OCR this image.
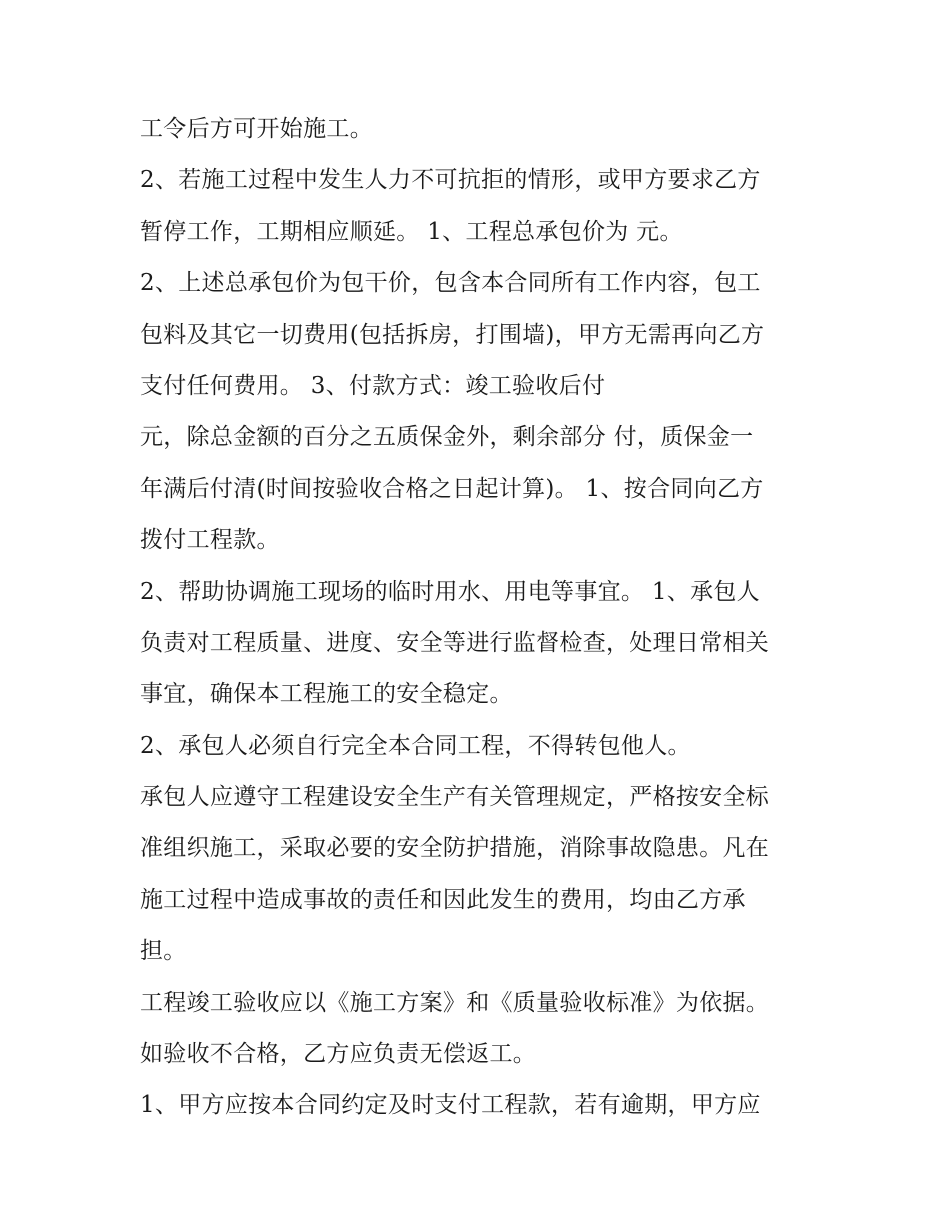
工令后方可开始施工。
2、若施工过程中发生人力不可抗拒的情形，或甲方要求乙方
暂停工作，工期相应顺延。 1、工程总承包价为 元。
2、上述总承包价为包干价，包含本合同所有工作内容，包工
包料及其它一切费用(包括拆房，打围墙)，甲方无需再向乙方
支付任何费用。 3、付款方式：竣工验收后付
元，除总金额的百分之五质保金外，剩余部分 付，质保金一
年满后付清(时间按验收合格之日起计算)。 1、按合同向乙方
拨付工程款。
2、帮助协调施工现场的临时用水、用电等事宜。 1、承包人
负责对工程质量、进度、安全等进行监督检查，处理日常相关
事宜，确保本工程施工的安全稳定。
2、承包人必须自行完全本合同工程，不得转包他人。
承包人应遵守工程建设安全生产有关管理规定，严格按安全标
准组织施工，采取必要的安全防护措施，消除事故隐患。凡在
施工过程中造成事故的责任和因此发生的费用，均由乙方承
担。
工程竣工验收应以《施工方案》和《质量验收标准》为依据。
如验收不合格，乙方应负责无偿返工。
1、甲方应按本合同约定及时支付工程款，若有逾期，甲方应
